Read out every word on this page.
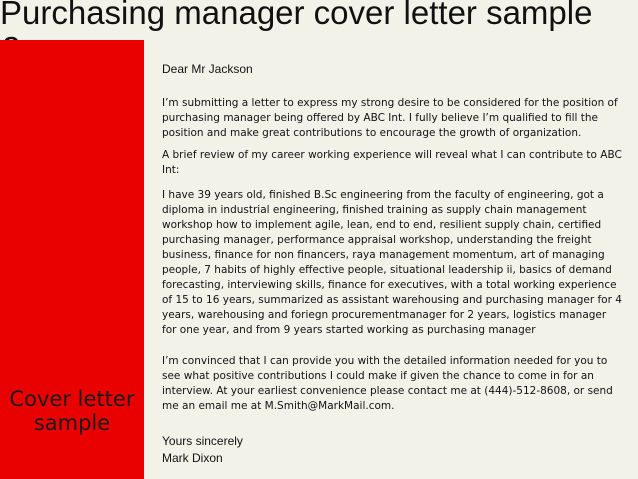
Purchasing manager cover letter sample
Cover letter
sample

Dear Mr Jackson

I’m submitting a letter to express my strong desire to be considered for the position of purchasing manager being offered by ABC Int. I fully believe I’m qualified to fill the position and make great contributions to encourage the growth of organization.

A brief review of my career working experience will reveal what I can contribute to ABC Int:

I have 39 years old, finished B.Sc engineering from the faculty of engineering, got a diploma in industrial engineering, finished training as supply chain management workshop how to implement agile, lean, end to end, resilient supply chain, certified purchasing manager, performance appraisal workshop, understanding the freight business, finance for non financers, raya management momentum, art of managing people, 7 habits of highly effective people, situational leadership ii, basics of demand forecasting, interviewing skills, finance for executives, with a total working experience of 15 to 16 years, summarized as assistant warehousing and purchasing manager for 4 years, warehousing and foriegn procurementmanager for 2 years, logistics manager for one year, and from 9 years started working as purchasing manager

I’m convinced that I can provide you with the detailed information needed for you to see what positive contributions I could make if given the chance to come in for an interview. At your earliest convenience please contact me at (444)-512-8608, or send me an email me at M.Smith@MarkMail.com.

Yours sincerely

Mark Dixon
